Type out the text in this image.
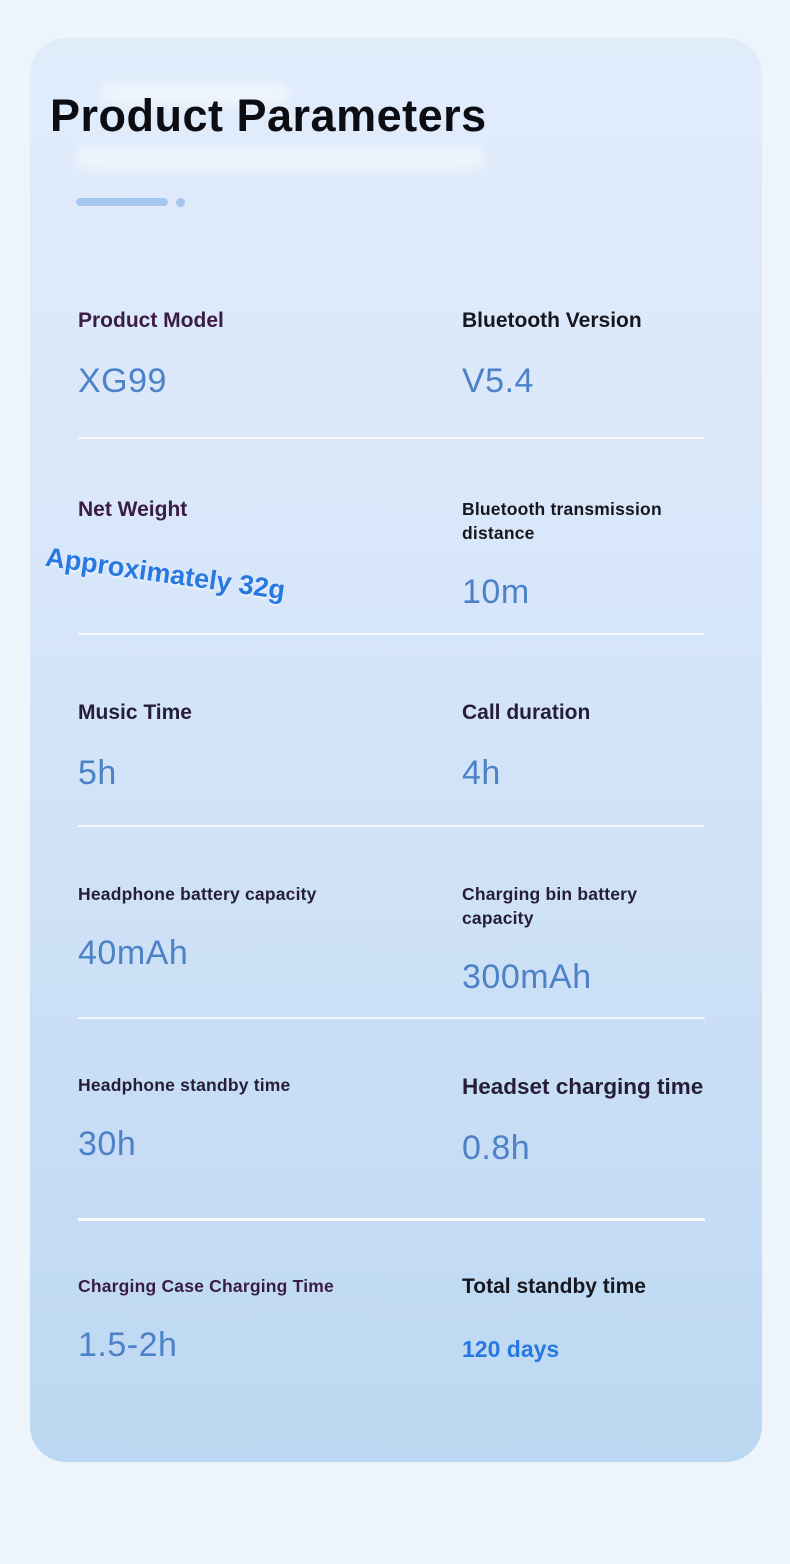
Product Parameters
Product Model
XG99
Bluetooth Version
V5.4
Net Weight
Approximately 32g
Bluetooth transmission distance
10m
Music Time
5h
Call duration
4h
Headphone battery capacity
40mAh
Charging bin battery capacity
300mAh
Headphone standby time
30h
Headset charging time
0.8h
Charging Case Charging Time
1.5-2h
Total standby time
120 days
